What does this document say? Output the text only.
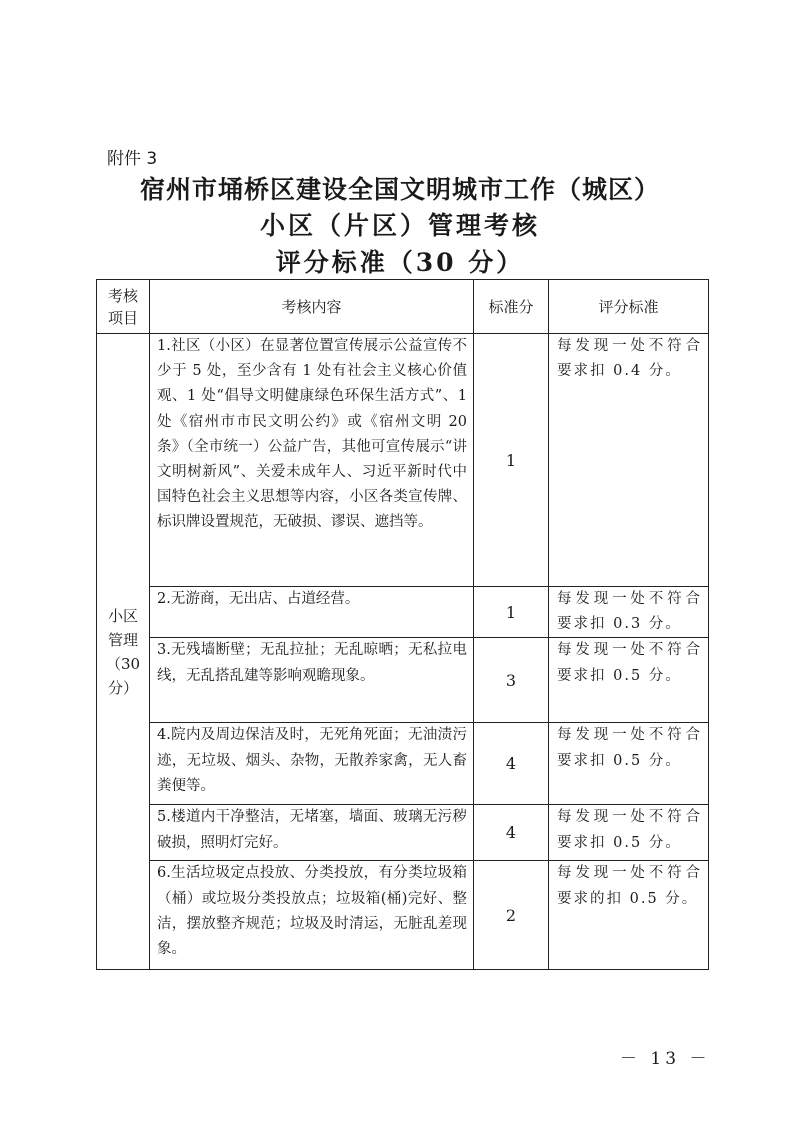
附件 3
宿州市埇桥区建设全国文明城市工作（城区）
小区（片区）管理考核
评分标准（30 分）
考核
项目	考核内容	标准分	评分标准

小区
管理
（30
分）	1.社区（小区）在显著位置宣传展示公益宣传不少于 5 处，至少含有 1 处有社会主义核心价值观、1 处“倡导文明健康绿色环保生活方式”、1 处《宿州市市民文明公约》或《宿州文明 20 条》（全市统一）公益广告，其他可宣传展示“讲文明树新风”、关爱未成年人、习近平新时代中国特色社会主义思想等内容，小区各类宣传牌、标识牌设置规范，无破损、谬误、遮挡等。	1	每发现一处不符合要求扣 0.4 分。
	2.无游商，无出店、占道经营。	1	每发现一处不符合要求扣 0.3 分。
	3.无残墙断壁；无乱拉扯；无乱晾晒；无私拉电线，无乱搭乱建等影响观瞻现象。	3	每发现一处不符合要求扣 0.5 分。
	4.院内及周边保洁及时，无死角死面；无油渍污迹，无垃圾、烟头、杂物，无散养家禽，无人畜粪便等。	4	每发现一处不符合要求扣 0.5 分。
	5.楼道内干净整洁，无堵塞，墙面、玻璃无污秽破损，照明灯完好。	4	每发现一处不符合要求扣 0.5 分。
	6.生活垃圾定点投放、分类投放，有分类垃圾箱（桶）或垃圾分类投放点；垃圾箱(桶)完好、整洁，摆放整齐规范；垃圾及时清运，无脏乱差现象。	2	每发现一处不符合要求的扣 0.5 分。
－ 13 －
